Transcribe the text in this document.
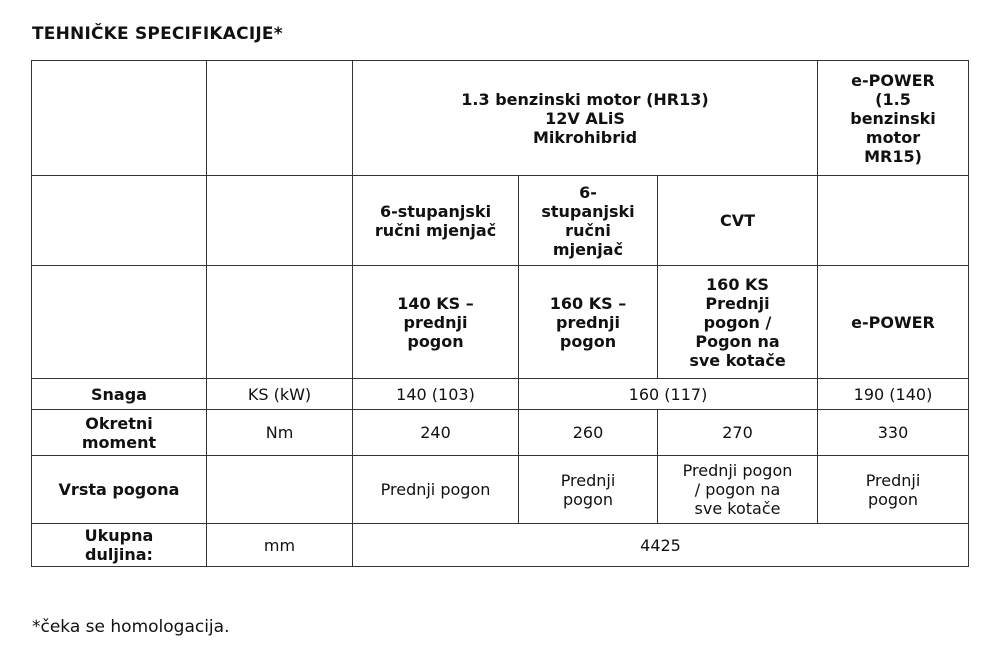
TEHNIČKE SPECIFIKACIJE*
		1.3 benzinski motor (HR13)
12V ALiS
Mikrohibrid			e-POWER
(1.5
benzinski
motor
MR15)
		6-stupanjski
ručni mjenjač	6-
stupanjski
ručni
mjenjač	CVT	
		140 KS –
prednji
pogon	160 KS –
prednji
pogon	160 KS
Prednji
pogon /
Pogon na
sve kotače	e-POWER
Snaga	KS (kW)	140 (103)	160 (117)		190 (140)
Okretni
moment	Nm	240	260	270	330
Vrsta pogona		Prednji pogon	Prednji
pogon	Prednji pogon
/ pogon na
sve kotače	Prednji
pogon
Ukupna
duljina:	mm	4425			
*čeka se homologacija.
